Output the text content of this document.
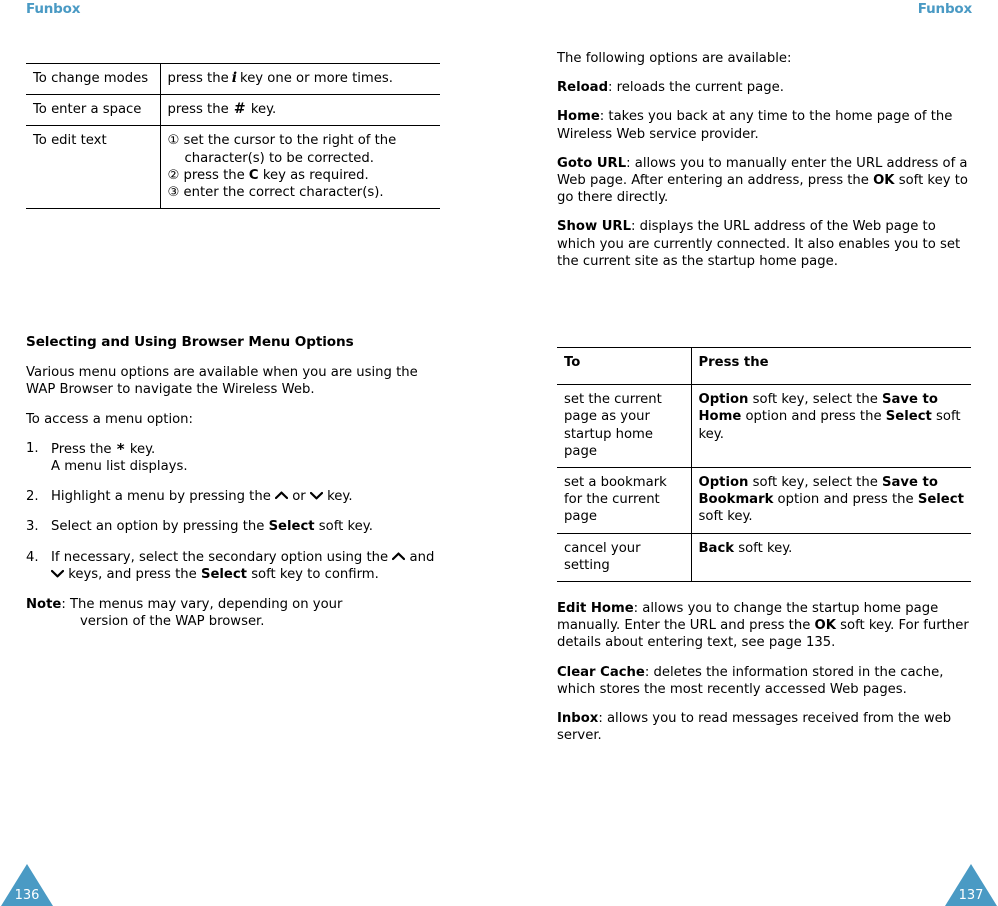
Funbox
To change modes	press the i key one or more times.
To enter a space	press the # key.
To edit text	① set the cursor to the right of the character(s) to be corrected.
② press the C key as required.
③ enter the correct character(s).
Selecting and Using Browser Menu Options

Various menu options are available when you are using the WAP Browser to navigate the Wireless Web.

To access a menu option:

1. Press the * key.
A menu list displays.
2. Highlight a menu by pressing the or key.
3. Select an option by pressing the Select soft key.
4. If necessary, select the secondary option using the and
keys, and press the Select soft key to confirm.

Note: The menus may vary, depending on your
version of the WAP browser.

136
Funbox

The following options are available:

Reload: reloads the current page.

Home: takes you back at any time to the home page of the Wireless Web service provider.

Goto URL: allows you to manually enter the URL address of a Web page. After entering an address, press the OK soft key to go there directly.

Show URL: displays the URL address of the Web page to which you are currently connected. It also enables you to set the current site as the startup home page.

To	Press the
set the current page as your startup home page	Option soft key, select the Save to Home option and press the Select soft key.
set a bookmark for the current page	Option soft key, select the Save to Bookmark option and press the Select soft key.
cancel your setting	Back soft key.

Edit Home: allows you to change the startup home page manually. Enter the URL and press the OK soft key. For further details about entering text, see page 135.

Clear Cache: deletes the information stored in the cache, which stores the most recently accessed Web pages.

Inbox: allows you to read messages received from the web server.

137
